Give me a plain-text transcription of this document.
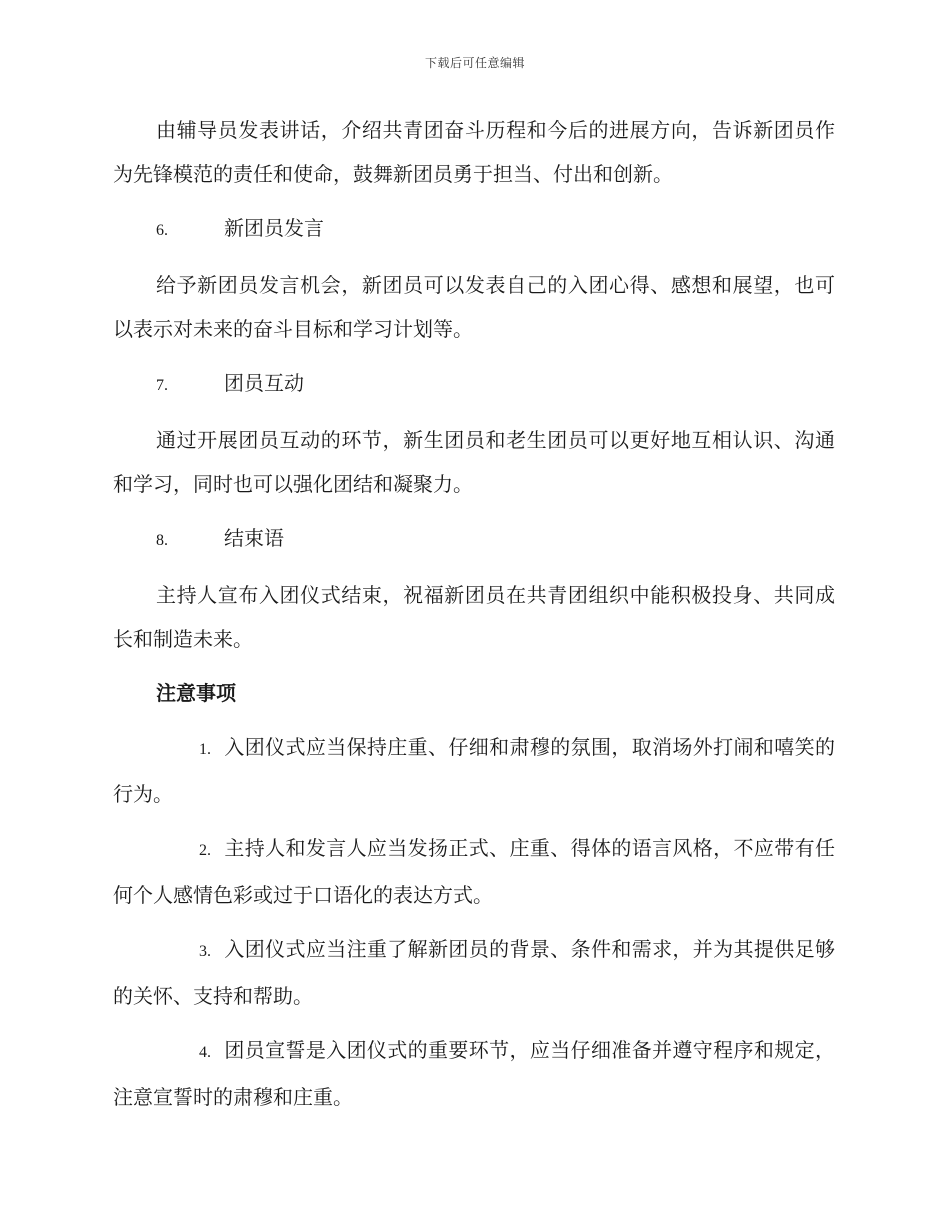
下载后可任意编辑

由辅导员发表讲话，介绍共青团奋斗历程和今后的进展方向，告诉新团员作为先锋模范的责任和使命，鼓舞新团员勇于担当、付出和创新。

6.	新团员发言

给予新团员发言机会，新团员可以发表自己的入团心得、感想和展望，也可以表示对未来的奋斗目标和学习计划等。

7.	团员互动

通过开展团员互动的环节，新生团员和老生团员可以更好地互相认识、沟通和学习，同时也可以强化团结和凝聚力。

8.	结束语

主持人宣布入团仪式结束，祝福新团员在共青团组织中能积极投身、共同成长和制造未来。

注意事项

1. 入团仪式应当保持庄重、仔细和肃穆的氛围，取消场外打闹和嘻笑的行为。

2. 主持人和发言人应当发扬正式、庄重、得体的语言风格，不应带有任何个人感情色彩或过于口语化的表达方式。

3. 入团仪式应当注重了解新团员的背景、条件和需求，并为其提供足够的关怀、支持和帮助。

4. 团员宣誓是入团仪式的重要环节，应当仔细准备并遵守程序和规定，注意宣誓时的肃穆和庄重。
